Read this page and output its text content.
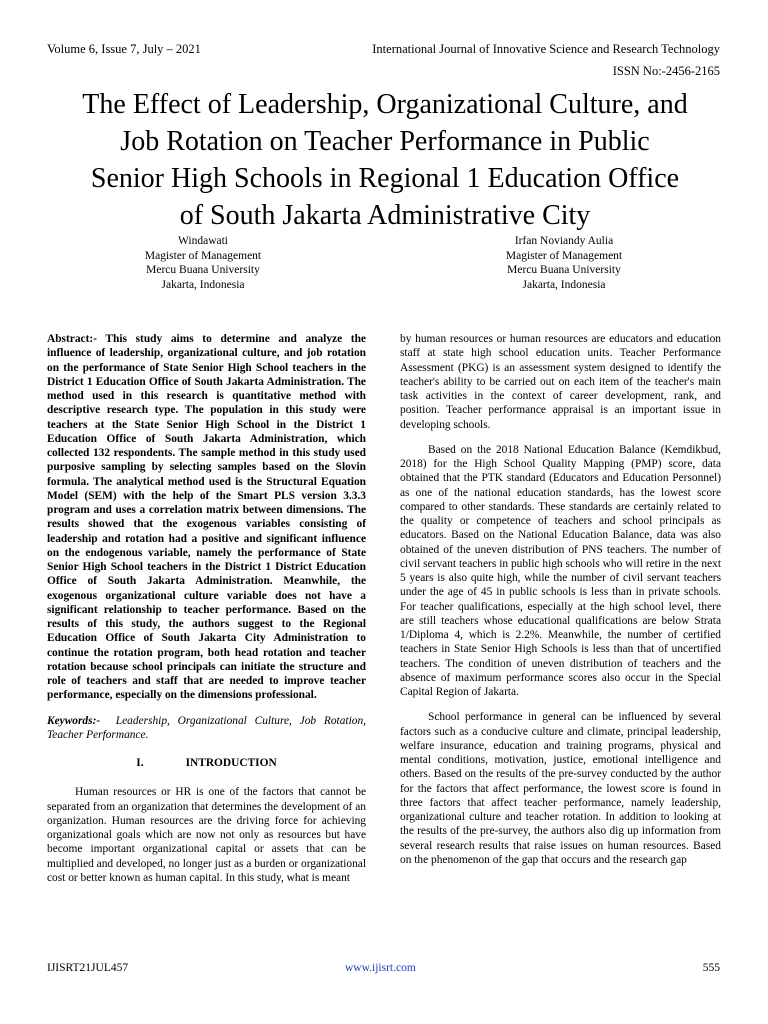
Volume 6, Issue 7, July – 2021	International Journal of Innovative Science and Research Technology
ISSN No:-2456-2165
The Effect of Leadership, Organizational Culture, and
Job Rotation on Teacher Performance in Public
Senior High Schools in Regional 1 Education Office
of South Jakarta Administrative City
Windawati
Magister of Management
Mercu Buana University
Jakarta, Indonesia
Irfan Noviandy Aulia
Magister of Management
Mercu Buana University
Jakarta, Indonesia

Abstract:- This study aims to determine and analyze the influence of leadership, organizational culture, and job rotation on the performance of State Senior High School teachers in the District 1 Education Office of South Jakarta Administration. The method used in this research is quantitative method with descriptive research type. The population in this study were teachers at the State Senior High School in the District 1 Education Office of South Jakarta Administration, which collected 132 respondents. The sample method in this study used purposive sampling by selecting samples based on the Slovin formula. The analytical method used is the Structural Equation Model (SEM) with the help of the Smart PLS version 3.3.3 program and uses a correlation matrix between dimensions. The results showed that the exogenous variables consisting of leadership and rotation had a positive and significant influence on the endogenous variable, namely the performance of State Senior High School teachers in the District 1 District Education Office of South Jakarta Administration. Meanwhile, the exogenous organizational culture variable does not have a significant relationship to teacher performance. Based on the results of this study, the authors suggest to the Regional Education Office of South Jakarta City Administration to continue the rotation program, both head rotation and teacher rotation because school principals can initiate the structure and role of teachers and staff that are needed to improve teacher performance, especially on the dimensions professional.

Keywords:- Leadership, Organizational Culture, Job Rotation, Teacher Performance.

I.	INTRODUCTION

Human resources or HR is one of the factors that cannot be separated from an organization that determines the development of an organization. Human resources are the driving force for achieving organizational goals which are now not only as resources but have become important organizational capital or assets that can be multiplied and developed, no longer just as a burden or organizational cost or better known as human capital. In this study, what is meant

by human resources or human resources are educators and education staff at state high school education units. Teacher Performance Assessment (PKG) is an assessment system designed to identify the teacher's ability to be carried out on each item of the teacher's main task activities in the context of career development, rank, and position. Teacher performance appraisal is an important issue in developing schools.

Based on the 2018 National Education Balance (Kemdikbud, 2018) for the High School Quality Mapping (PMP) score, data obtained that the PTK standard (Educators and Education Personnel) as one of the national education standards, has the lowest score compared to other standards. These standards are certainly related to the quality or competence of teachers and school principals as educators. Based on the National Education Balance, data was also obtained of the uneven distribution of PNS teachers. The number of civil servant teachers in public high schools who will retire in the next 5 years is also quite high, while the number of civil servant teachers under the age of 45 in public schools is less than in private schools. For teacher qualifications, especially at the high school level, there are still teachers whose educational qualifications are below Strata 1/Diploma 4, which is 2.2%. Meanwhile, the number of certified teachers in State Senior High Schools is less than that of uncertified teachers. The condition of uneven distribution of teachers and the absence of maximum performance scores also occur in the Special Capital Region of Jakarta.

School performance in general can be influenced by several factors such as a conducive culture and climate, principal leadership, welfare insurance, education and training programs, physical and mental conditions, motivation, justice, emotional intelligence and others. Based on the results of the pre-survey conducted by the author for the factors that affect performance, the lowest score is found in three factors that affect teacher performance, namely leadership, organizational culture and teacher rotation. In addition to looking at the results of the pre-survey, the authors also dig up information from several research results that raise issues on human resources. Based on the phenomenon of the gap that occurs and the research gap

IJISRT21JUL457	www.ijisrt.com	555
